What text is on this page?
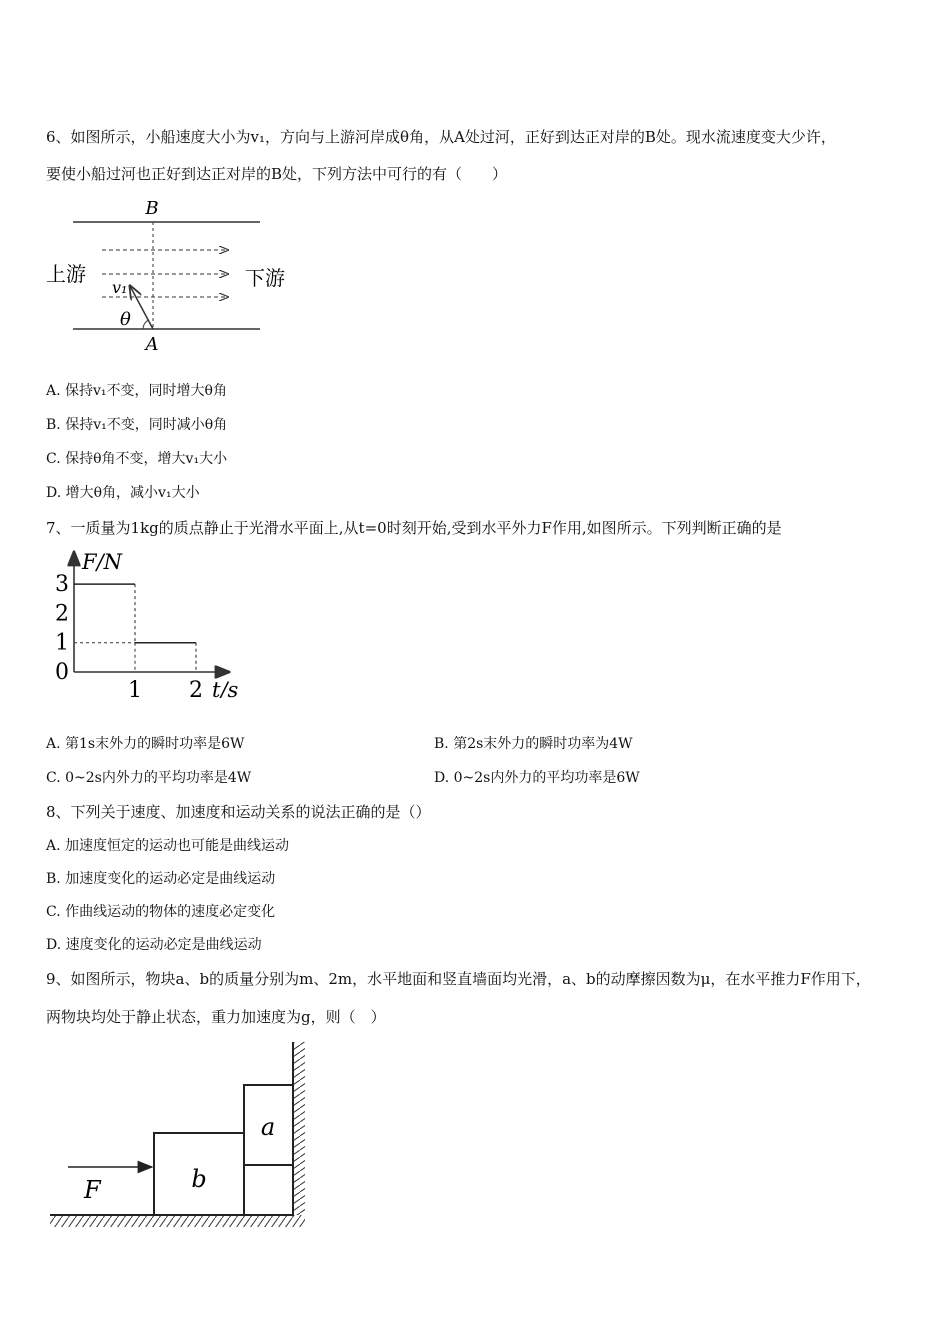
6、如图所示，小船速度大小为v₁，方向与上游河岸成θ角，从A处过河，正好到达正对岸的B处。现水流速度变大少许，
要使小船过河也正好到达正对岸的B处，下列方法中可行的有（　　）
B
A
上游	下游
v₁
θ
A. 保持v₁不变，同时增大θ角
B. 保持v₁不变，同时减小θ角
C. 保持θ角不变，增大v₁大小
D. 增大θ角，减小v₁大小
7、一质量为1kg的质点静止于光滑水平面上,从t=0时刻开始,受到水平外力F作用,如图所示。下列判断正确的是
0
1
2
3
1 2
F/N
t/s
A. 第1s末外力的瞬时功率是6W	B. 第2s末外力的瞬时功率为4W
C. 0~2s内外力的平均功率是4W	D. 0~2s内外力的平均功率是6W
8、下列关于速度、加速度和运动关系的说法正确的是（）
A. 加速度恒定的运动也可能是曲线运动
B. 加速度变化的运动必定是曲线运动
C. 作曲线运动的物体的速度必定变化
D. 速度变化的运动必定是曲线运动
9、如图所示，物块a、b的质量分别为m、2m，水平地面和竖直墙面均光滑，a、b的动摩擦因数为μ，在水平推力F作用下，
两物块均处于静止状态，重力加速度为g，则（　）
F	b
a
